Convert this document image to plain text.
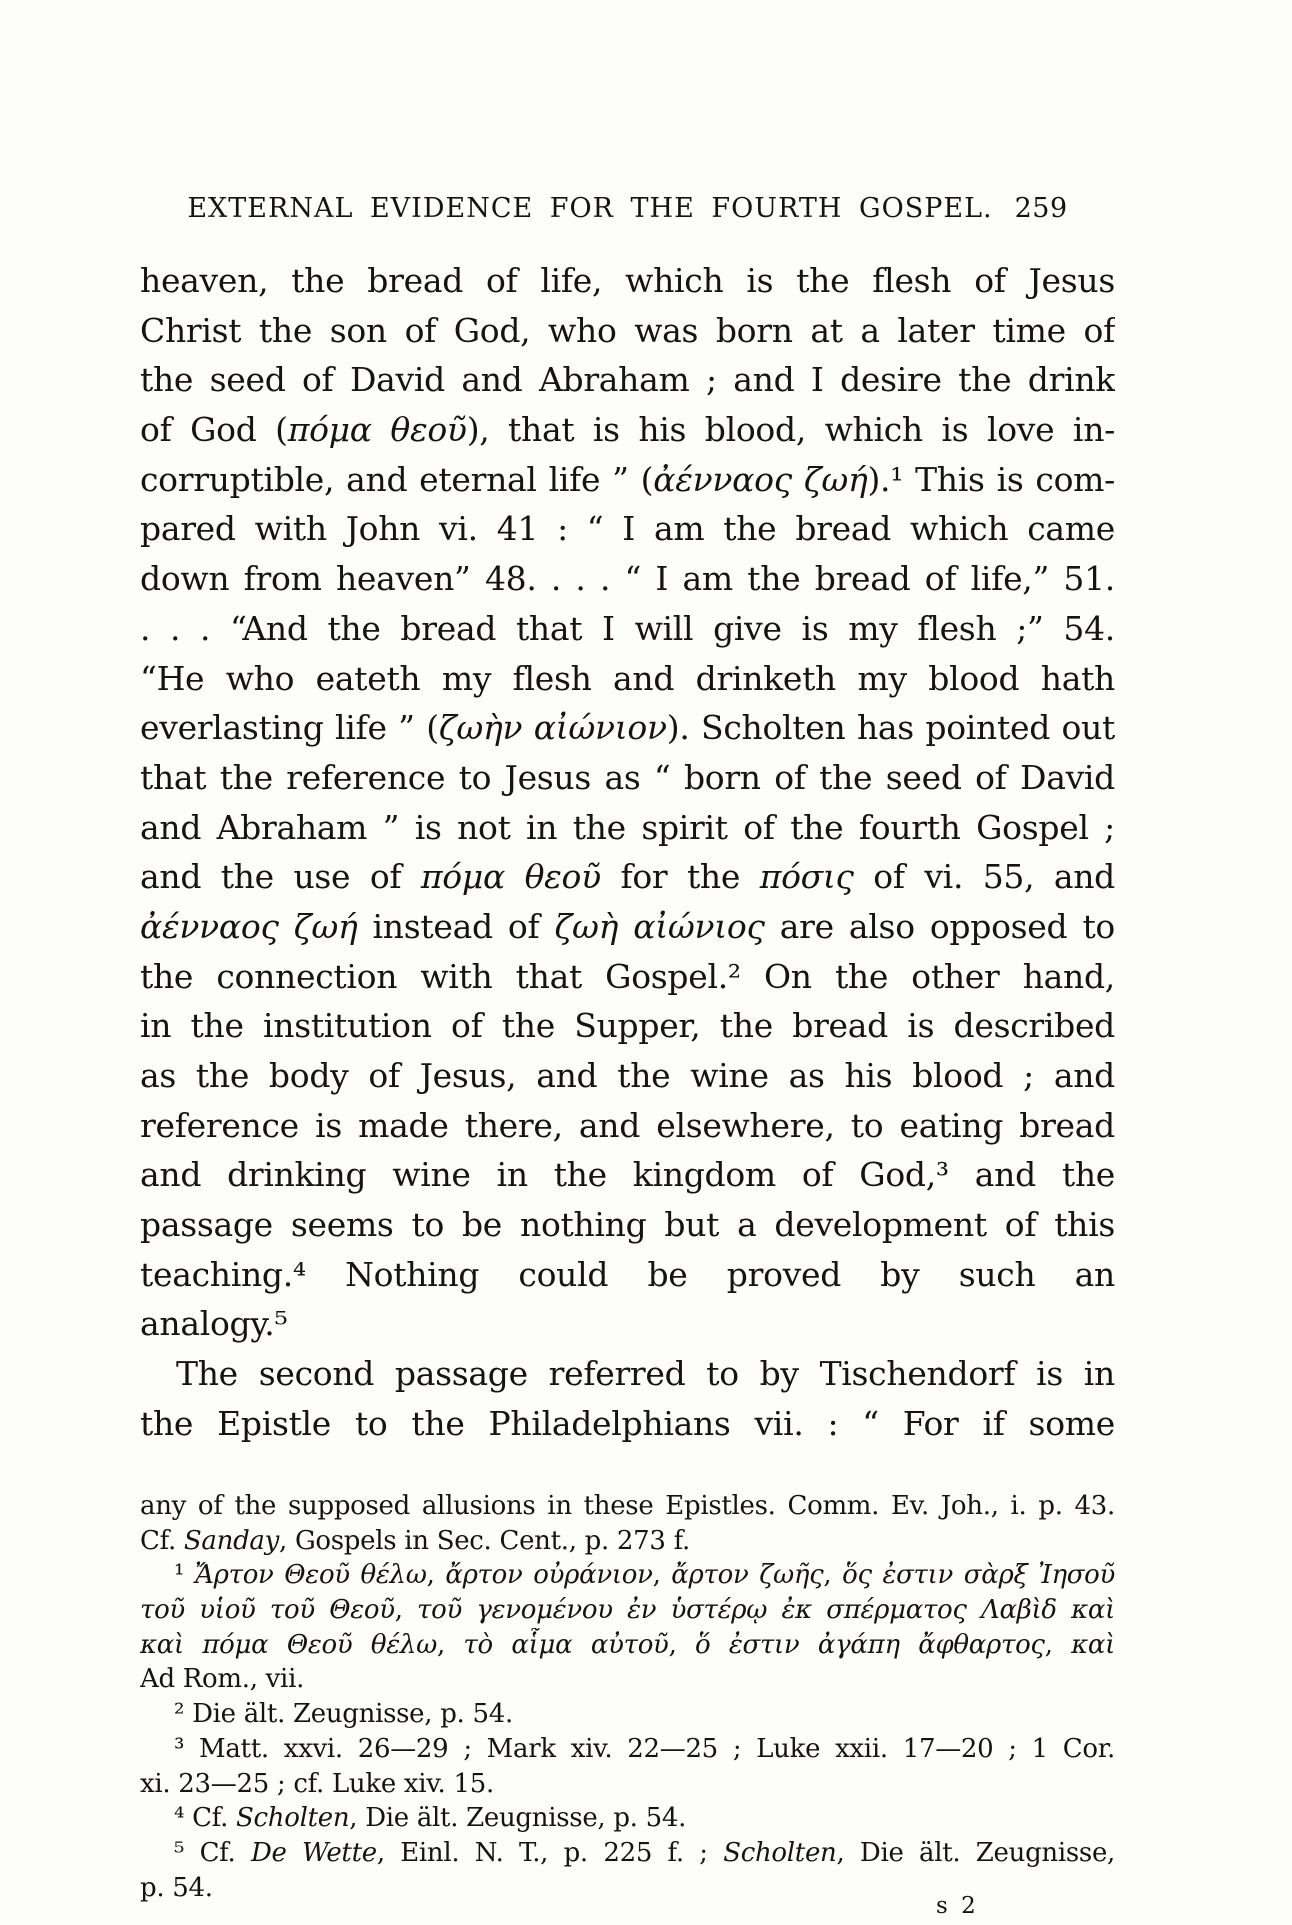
EXTERNAL EVIDENCE FOR THE FOURTH GOSPEL. 259
heaven, the bread of life, which is the flesh of Jesus
Christ the son of God, who was born at a later time of
the seed of David and Abraham ; and I desire the drink
of God (πόμα θεοῦ), that is his blood, which is love in-
corruptible, and eternal life ” (ἀένναος ζωή).¹ This is com-
pared with John vi. 41 : “ I am the bread which came
down from heaven” 48. . . . “ I am the bread of life,” 51.
. . . “And the bread that I will give is my flesh ;” 54.
“He who eateth my flesh and drinketh my blood hath
everlasting life ” (ζωὴν αἰώνιον). Scholten has pointed out
that the reference to Jesus as “ born of the seed of David
and Abraham ” is not in the spirit of the fourth Gospel ;
and the use of πόμα θεοῦ for the πόσις of vi. 55, and
ἀένναος ζωή instead of ζωὴ αἰώνιος are also opposed to
the connection with that Gospel.² On the other hand,
in the institution of the Supper, the bread is described
as the body of Jesus, and the wine as his blood ; and
reference is made there, and elsewhere, to eating bread
and drinking wine in the kingdom of God,³ and the
passage seems to be nothing but a development of this
teaching.⁴ Nothing could be proved by such an
analogy.⁵
The second passage referred to by Tischendorf is in
the Epistle to the Philadelphians vii. : “ For if some
any of the supposed allusions in these Epistles. Comm. Ev. Joh., i. p. 43.
Cf. Sanday, Gospels in Sec. Cent., p. 273 f.
¹ Ἄρτον Θεοῦ θέλω, ἄρτον οὐράνιον, ἄρτον ζωῆς, ὅς ἐστιν σὰρξ Ἰησοῦ
τοῦ υἱοῦ τοῦ Θεοῦ, τοῦ γενομένου ἐν ὑστέρῳ ἐκ σπέρματος Λαβὶδ καὶ
καὶ πόμα Θεοῦ θέλω, τὸ αἷμα αὐτοῦ, ὅ ἐστιν ἀγάπη ἄφθαρτος, καὶ
Ad Rom., vii.
² Die ält. Zeugnisse, p. 54.
³ Matt. xxvi. 26—29 ; Mark xiv. 22—25 ; Luke xxii. 17—20 ; 1 Cor.
xi. 23—25 ; cf. Luke xiv. 15.
⁴ Cf. Scholten, Die ält. Zeugnisse, p. 54.
⁵ Cf. De Wette, Einl. N. T., p. 225 f. ; Scholten, Die ält. Zeugnisse,
p. 54.
s 2
